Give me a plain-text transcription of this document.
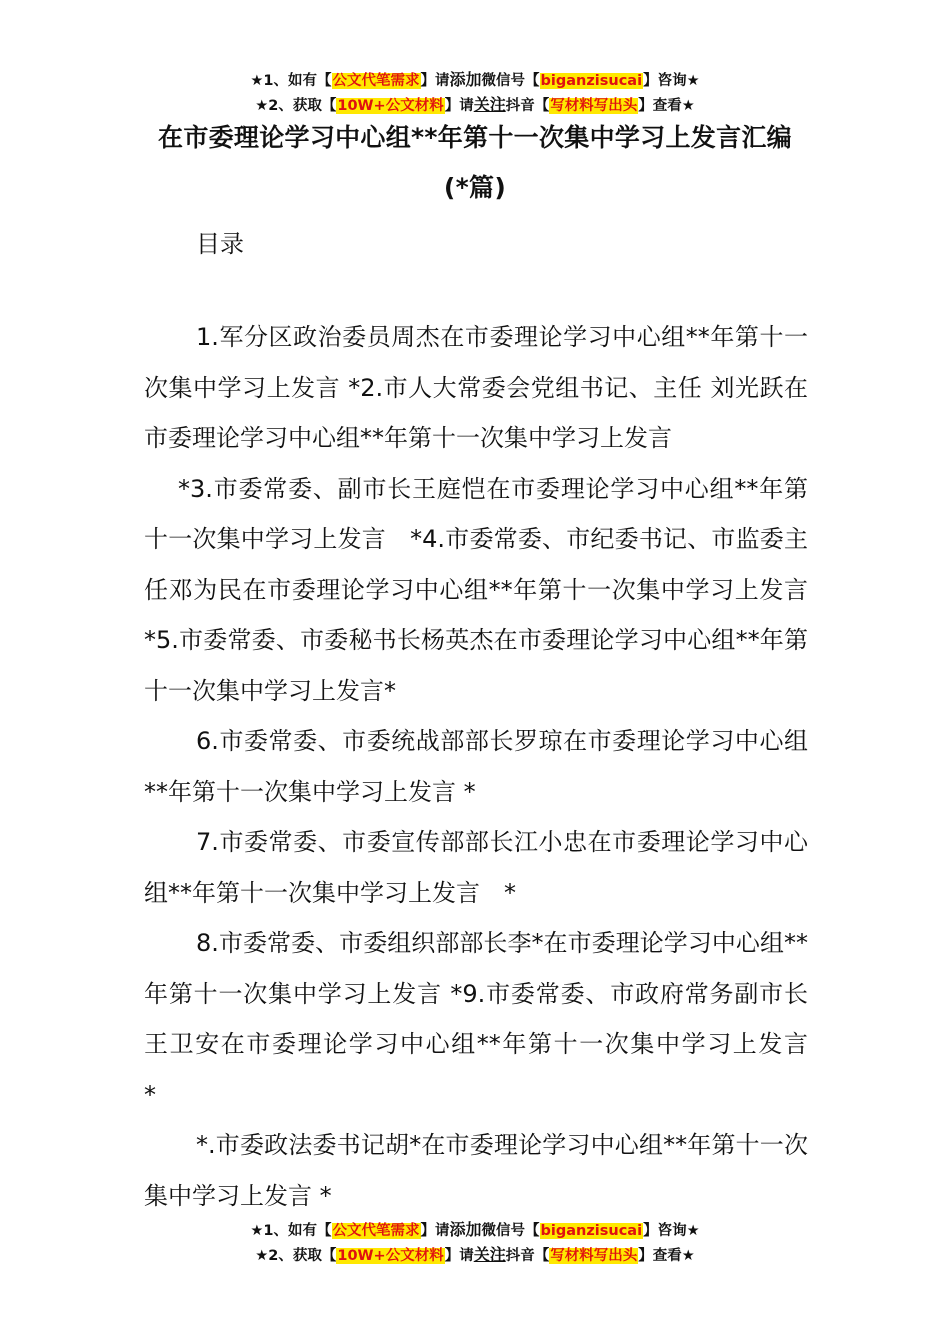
★1、如有【公文代笔需求】请添加微信号【biganzisucai】咨询★
★2、获取【10W+公文材料】请关注抖音【写材料写出头】查看★
在市委理论学习中心组**年第十一次集中学习上发言汇编
(*篇)
目录

1.军分区政治委员周杰在市委理论学习中心组**年第十一次集中学习上发言 *2.市人大常委会党组书记、主任 刘光跃在市委理论学习中心组**年第十一次集中学习上发言

*3.市委常委、副市长王庭恺在市委理论学习中心组**年第十一次集中学习上发言　*4.市委常委、市纪委书记、市监委主任邓为民在市委理论学习中心组**年第十一次集中学习上发言 *5.市委常委、市委秘书长杨英杰在市委理论学习中心组**年第十一次集中学习上发言*

6.市委常委、市委统战部部长罗琼在市委理论学习中心组**年第十一次集中学习上发言 *

7.市委常委、市委宣传部部长江小忠在市委理论学习中心组**年第十一次集中学习上发言　*

8.市委常委、市委组织部部长李*在市委理论学习中心组**年第十一次集中学习上发言 *9.市委常委、市政府常务副市长王卫安在市委理论学习中心组**年第十一次集中学习上发言　 *

*.市委政法委书记胡*在市委理论学习中心组**年第十一次集中学习上发言 *

★1、如有【公文代笔需求】请添加微信号【biganzisucai】咨询★
★2、获取【10W+公文材料】请关注抖音【写材料写出头】查看★
